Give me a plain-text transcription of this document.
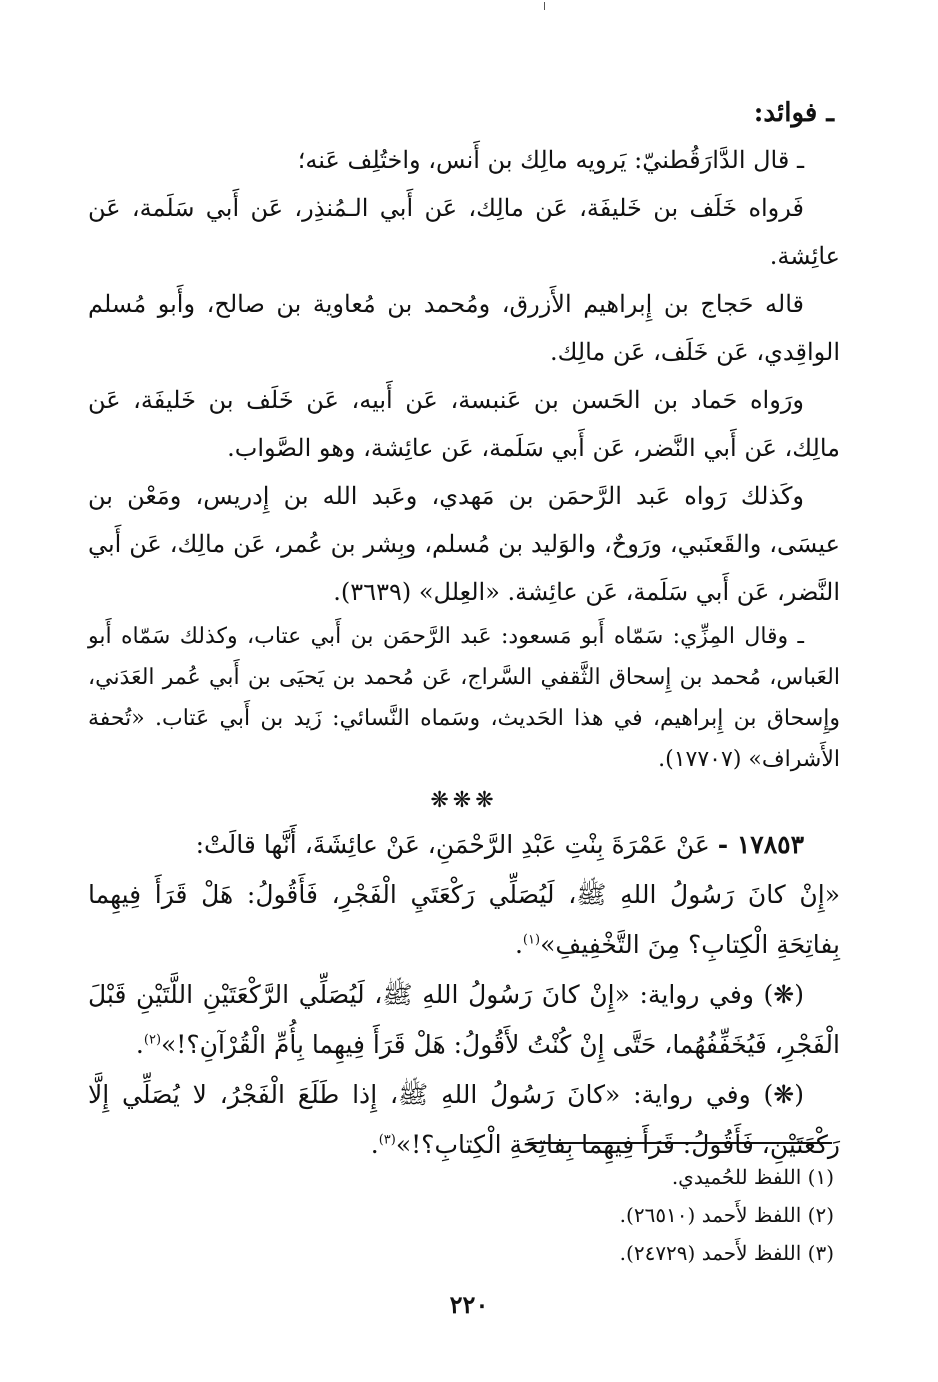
ـ فوائد:

ـ قال الدَّارَقُطنيّ: يَرويه مالِك بن أَنس، واختُلِف عَنه؛

فَرواه خَلَف بن خَليفَة، عَن مالِك، عَن أَبي الـمُنذِر، عَن أَبي سَلَمة، عَن عائِشة.

قاله حَجاج بن إِبراهيم الأَزرق، ومُحمد بن مُعاوية بن صالح، وأَبو مُسلم الواقِدي، عَن خَلَف، عَن مالِك.

ورَواه حَماد بن الحَسن بن عَنبسة، عَن أَبيه، عَن خَلَف بن خَليفَة، عَن مالِك، عَن أَبي النَّضر، عَن أَبي سَلَمة، عَن عائِشة، وهو الصَّواب.

وكَذلك رَواه عَبد الرَّحمَن بن مَهدي، وعَبد الله بن إِدريس، ومَعْن بن عيسَى، والقَعنَبي، ورَوحٌ، والوَليد بن مُسلم، وبِشر بن عُمر، عَن مالِك، عَن أَبي النَّضر، عَن أَبي سَلَمة، عَن عائِشة. «العِلل» (٣٦٣٩).

ـ وقال المِزِّي: سَمّاه أَبو مَسعود: عَبد الرَّحمَن بن أَبي عتاب، وكذلك سَمّاه أَبو العَباس، مُحمد بن إِسحاق الثَّقفي السَّراج، عَن مُحمد بن يَحيَى بن أَبي عُمر العَدَني، وإِسحاق بن إِبراهيم، في هذا الحَديث، وسَماه النَّسائي: زَيد بن أَبي عَتاب. «تُحفة الأَشراف» (١٧٧٠٧).

❋❋❋

١٧٨٥٣ - عَنْ عَمْرَةَ بِنْتِ عَبْدِ الرَّحْمَنِ، عَنْ عائِشَةَ، أَنَّها قالَتْ:

«إِنْ كانَ رَسُولُ اللهِ ﷺ، لَيُصَلِّي رَكْعَتَيِ الْفَجْرِ، فَأَقُولُ: هَلْ قَرَأَ فِيهِما بِفاتِحَةِ الْكِتابِ؟ مِنَ التَّخْفِيفِ»$^{(١)}$.

(❋) وفي رواية: «إِنْ كانَ رَسُولُ اللهِ ﷺ، لَيُصَلِّي الرَّكْعَتَيْنِ اللَّتَيْنِ قَبْلَ الْفَجْرِ، فَيُخَفِّفُهُما، حَتَّى إِنْ كُنْتُ لأَقُولُ: هَلْ قَرَأَ فِيهِما بِأُمِّ الْقُرْآنِ؟!»$^{(٢)}$.

(❋) وفي رواية: «كانَ رَسُولُ اللهِ ﷺ، إِذا طَلَعَ الْفَجْرُ، لا يُصَلِّي إِلَّا رَكْعَتَيْنِ، فَأَقُولُ: قَرَأَ فِيهِما بِفاتِحَةِ الْكِتابِ؟!»$^{(٣)}$.

(١) اللفظ للحُميدي.
(٢) اللفظ لأَحمد (٢٦٥١٠).
(٣) اللفظ لأَحمد (٢٤٧٢٩).
٢٢٠
